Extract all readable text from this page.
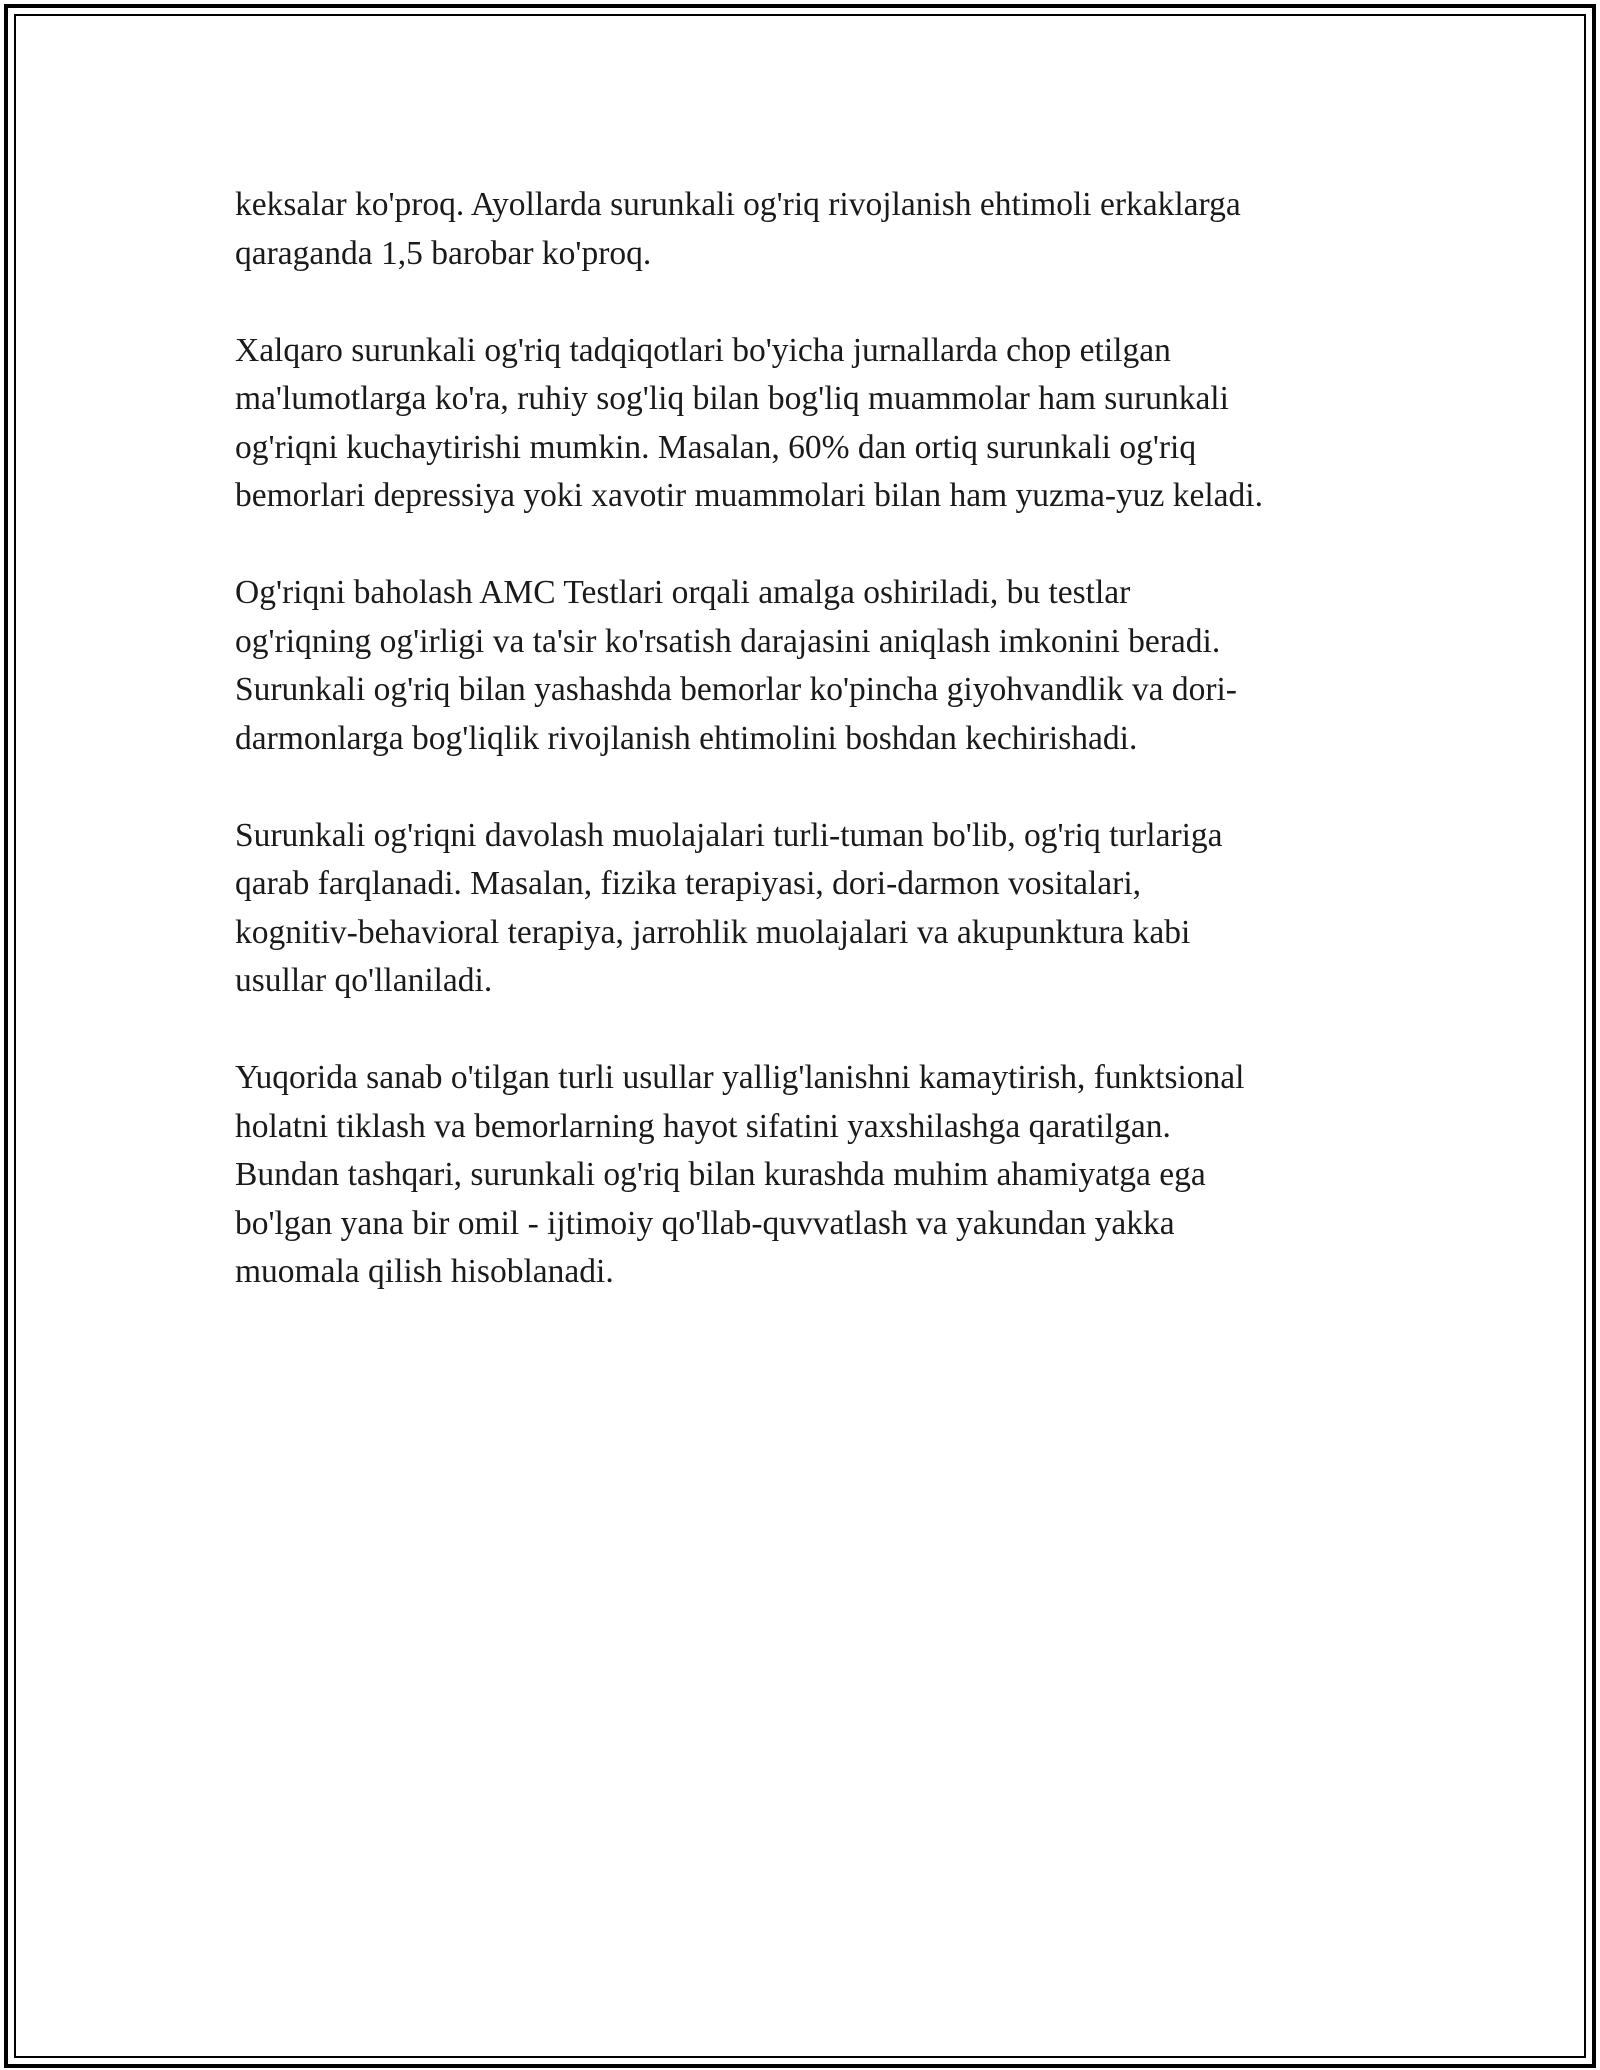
keksalar ko'proq. Ayollarda surunkali og'riq rivojlanish ehtimoli erkaklarga
qaraganda 1,5 barobar ko'proq.

Xalqaro surunkali og'riq tadqiqotlari bo'yicha jurnallarda chop etilgan
ma'lumotlarga ko'ra, ruhiy sog'liq bilan bog'liq muammolar ham surunkali
og'riqni kuchaytirishi mumkin. Masalan, 60% dan ortiq surunkali og'riq
bemorlari depressiya yoki xavotir muammolari bilan ham yuzma-yuz keladi.

Og'riqni baholash AMC Testlari orqali amalga oshiriladi, bu testlar
og'riqning og'irligi va ta'sir ko'rsatish darajasini aniqlash imkonini beradi.
Surunkali og'riq bilan yashashda bemorlar ko'pincha giyohvandlik va dori-
darmonlarga bog'liqlik rivojlanish ehtimolini boshdan kechirishadi.

Surunkali og'riqni davolash muolajalari turli-tuman bo'lib, og'riq turlariga
qarab farqlanadi. Masalan, fizika terapiyasi, dori-darmon vositalari,
kognitiv-behavioral terapiya, jarrohlik muolajalari va akupunktura kabi
usullar qo'llaniladi.

Yuqorida sanab o'tilgan turli usullar yallig'lanishni kamaytirish, funktsional
holatni tiklash va bemorlarning hayot sifatini yaxshilashga qaratilgan.
Bundan tashqari, surunkali og'riq bilan kurashda muhim ahamiyatga ega
bo'lgan yana bir omil - ijtimoiy qo'llab-quvvatlash va yakundan yakka
muomala qilish hisoblanadi.
